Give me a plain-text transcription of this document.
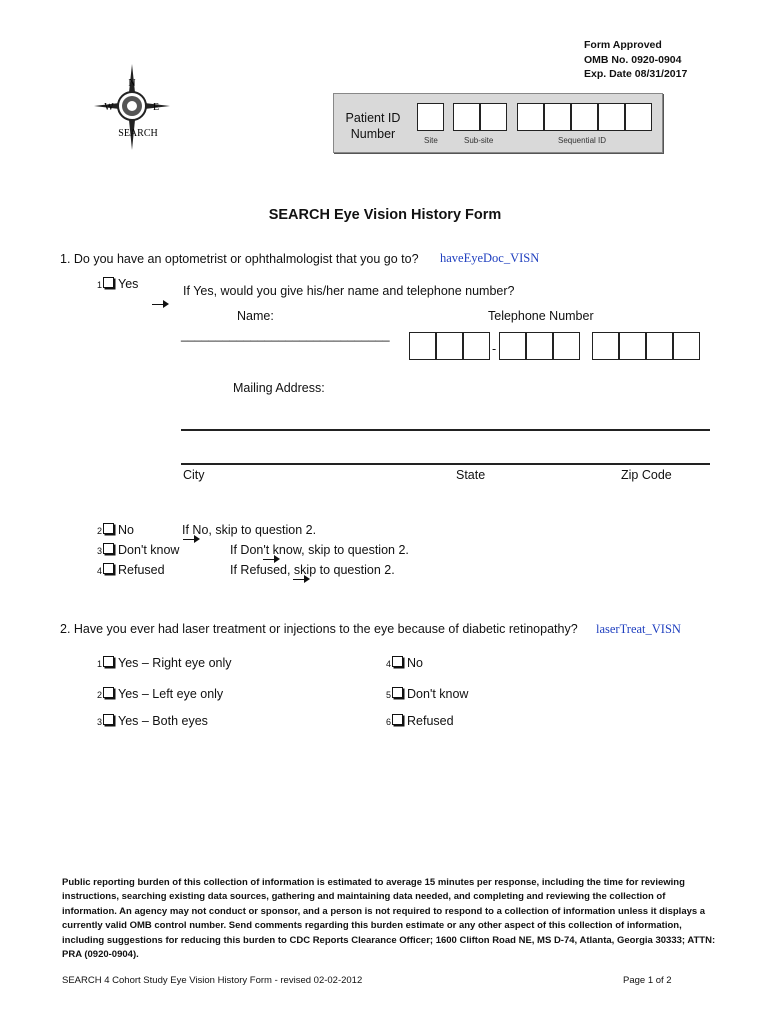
Form Approved
OMB No. 0920-0904
Exp. Date 08/31/2017
N
W	E
SEARCH
Site	Sub-site	Sequential ID
Patient ID
Number
SEARCH Eye Vision History Form
1. Do you have an optometrist or ophthalmologist that you go to? haveEyeDoc_VISN
1 Yes
	If Yes, would you give his/her name and telephone number?
Name:	Telephone Number
______________________________
-
Mailing Address:
City	State	Zip Code
2 No
	If No, skip to question 2.
3 Don't know
	If Don't know, skip to question 2.
4 Refused	If Refused, skip to question 2.
2. Have you ever had laser treatment or injections to the eye because of diabetic retinopathy? laserTreat_VISN
1 Yes – Right eye only
2 Yes – Left eye only
3 Yes – Both eyes
4 No
5 Don't know
6 Refused
Public reporting burden of this collection of information is estimated to average 15 minutes per response, including the time for reviewing instructions, searching existing data sources, gathering and maintaining data needed, and completing and reviewing the collection of information. An agency may not conduct or sponsor, and a person is not required to respond to a collection of information unless it displays a currently valid OMB control number. Send comments regarding this burden estimate or any other aspect of this collection of information, including suggestions for reducing this burden to CDC Reports Clearance Officer; 1600 Clifton Road NE, MS D-74, Atlanta, Georgia 30333; ATTN: PRA (0920-0904).
SEARCH 4 Cohort Study Eye Vision History Form - revised 02-02-2012	Page 1 of 2
